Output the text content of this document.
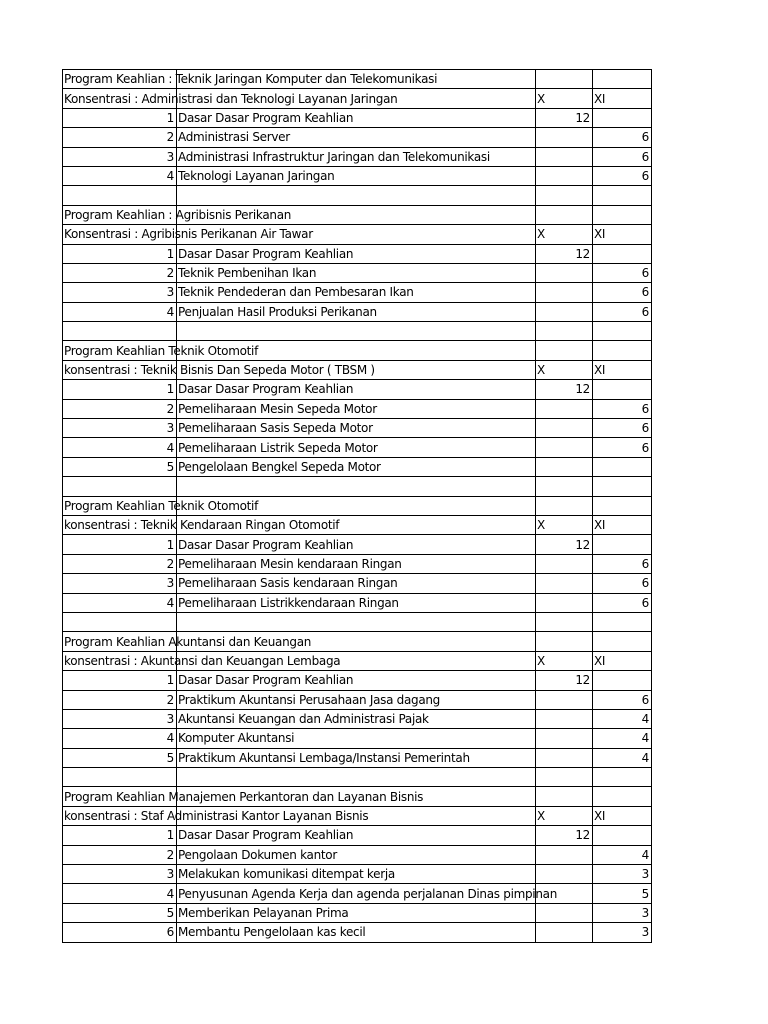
Program Keahlian : Teknik Jaringan Komputer dan Telekomunikasi			
Konsentrasi : Administrasi dan Teknologi Layanan Jaringan		X	XI
1	Dasar Dasar Program Keahlian	12	
2	Administrasi Server		6
3	Administrasi Infrastruktur Jaringan dan Telekomunikasi		6
4	Teknologi Layanan Jaringan		6

Program Keahlian : Agribisnis Perikanan			
Konsentrasi : Agribisnis Perikanan Air Tawar		X	XI
1	Dasar Dasar Program Keahlian	12	
2	Teknik Pembenihan Ikan		6
3	Teknik Pendederan dan Pembesaran Ikan		6
4	Penjualan Hasil Produksi Perikanan		6

Program Keahlian Teknik Otomotif			
konsentrasi : Teknik Bisnis Dan Sepeda Motor ( TBSM )		X	XI
1	Dasar Dasar Program Keahlian	12	
2	Pemeliharaan Mesin Sepeda Motor		6
3	Pemeliharaan Sasis Sepeda Motor		6
4	Pemeliharaan Listrik Sepeda Motor		6
5	Pengelolaan Bengkel Sepeda Motor		

Program Keahlian Teknik Otomotif			
konsentrasi : Teknik Kendaraan Ringan Otomotif		X	XI
1	Dasar Dasar Program Keahlian	12	
2	Pemeliharaan Mesin kendaraan Ringan		6
3	Pemeliharaan Sasis kendaraan Ringan		6
4	Pemeliharaan Listrikkendaraan Ringan		6

Program Keahlian Akuntansi dan Keuangan			
konsentrasi : Akuntansi dan Keuangan Lembaga		X	XI
1	Dasar Dasar Program Keahlian	12	
2	Praktikum Akuntansi Perusahaan Jasa dagang		6
3	Akuntansi Keuangan dan Administrasi Pajak		4
4	Komputer Akuntansi		4
5	Praktikum Akuntansi Lembaga/Instansi Pemerintah		4

Program Keahlian Manajemen Perkantoran dan Layanan Bisnis			
konsentrasi : Staf Administrasi Kantor Layanan Bisnis		X	XI
1	Dasar Dasar Program Keahlian	12	
2	Pengolaan Dokumen kantor		4
3	Melakukan komunikasi ditempat kerja		3
4	Penyusunan Agenda Kerja dan agenda perjalanan Dinas pimpinan		5
5	Memberikan Pelayanan Prima		3
6	Membantu Pengelolaan kas kecil		3
